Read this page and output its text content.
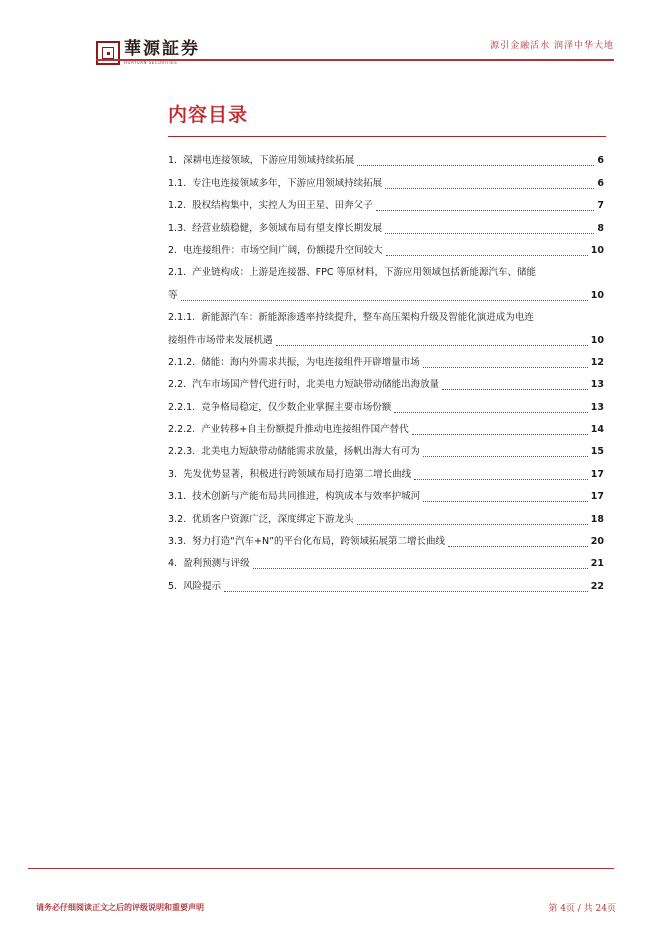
華源証券
HUAYUAN SECURITIES
源引金融活水 润泽中华大地
内容目录
1. 深耕电连接领域，下游应用领域持续拓展	6
1.1. 专注电连接领域多年，下游应用领域持续拓展	6
1.2. 股权结构集中，实控人为田王星、田奔父子	7
1.3. 经营业绩稳健，多领域布局有望支撑长期发展	8
2. 电连接组件：市场空间广阔，份额提升空间较大	10
2.1. 产业链构成：上游是连接器、FPC 等原材料，下游应用领域包括新能源汽车、储能
等	10
2.1.1. 新能源汽车：新能源渗透率持续提升，整车高压架构升级及智能化演进成为电连
接组件市场带来发展机遇	10
2.1.2. 储能：海内外需求共振，为电连接组件开辟增量市场	12
2.2. 汽车市场国产替代进行时，北美电力短缺带动储能出海放量	13
2.2.1. 竞争格局稳定，仅少数企业掌握主要市场份额	13
2.2.2. 产业转移+自主份额提升推动电连接组件国产替代	14
2.2.3. 北美电力短缺带动储能需求放量，扬帆出海大有可为	15
3. 先发优势显著，积极进行跨领域布局打造第二增长曲线	17
3.1. 技术创新与产能布局共同推进，构筑成本与效率护城河	17
3.2. 优质客户资源广泛，深度绑定下游龙头	18
3.3. 努力打造“汽车+N”的平台化布局，跨领域拓展第二增长曲线	20
4. 盈利预测与评级	21
5. 风险提示	22
请务必仔细阅读正文之后的评级说明和重要声明	第 4页 / 共 24页
